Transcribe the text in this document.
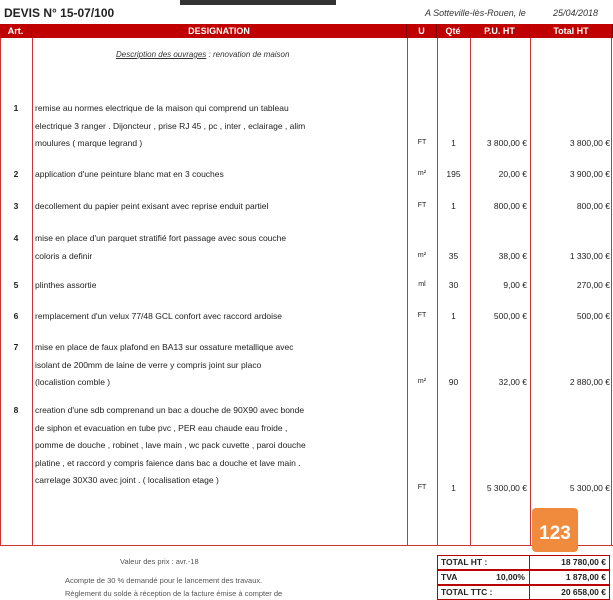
DEVIS N° 15-07/100	A Sotteville-lès-Rouen, le	25/04/2018
Art.	DESIGNATION	U	Qté	P.U. HT	Total HT
Description des ouvrages : renovation de maison
1	remise au normes electrique de la maison qui comprend un tableau
electrique 3 ranger . Dijoncteur , prise RJ 45 , pc , inter , eclairage , alim
moulures ( marque legrand )	FT	1	3 800,00 €	3 800,00 €
2	application d'une peinture blanc mat en 3 couches	m²	195	20,00 €	3 900,00 €
3	decollement du papier peint exisant avec reprise enduit partiel	FT	1	800,00 €	800,00 €
4	mise en place d'un parquet stratifié fort passage avec sous couche
coloris a definir	m²	35	38,00 €	1 330,00 €
5	plinthes assortie	ml	30	9,00 €	270,00 €
6	remplacement d'un velux 77/48 GCL confort avec raccord ardoise	FT	1	500,00 €	500,00 €
7	mise en place de faux plafond en BA13 sur ossature metallique avec
isolant de 200mm de laine de verre y compris joint sur placo
(localistion comble )	m²	90	32,00 €	2 880,00 €
8	creation d'une sdb comprenand un bac a douche de 90X90 avec bonde
de siphon et evacuation en tube pvc , PER eau chaude eau froide ,
pomme de douche , robinet , lave main , wc pack cuvette , paroi douche
platine , et raccord y compris faience dans bac a douche et lave main .
carrelage 30X30 avec joint . ( localisation etage )
FT	1	5 300,00 €	5 300,00 €
Valeur des prix : avr.-18
Acompte de 30 % demandé pour le lancement des travaux.
Règlement du solde à réception de la facture émise à compter de
123
TOTAL HT :	18 780,00 €
TVA	10,00%	1 878,00 €
TOTAL TTC :	20 658,00 €
